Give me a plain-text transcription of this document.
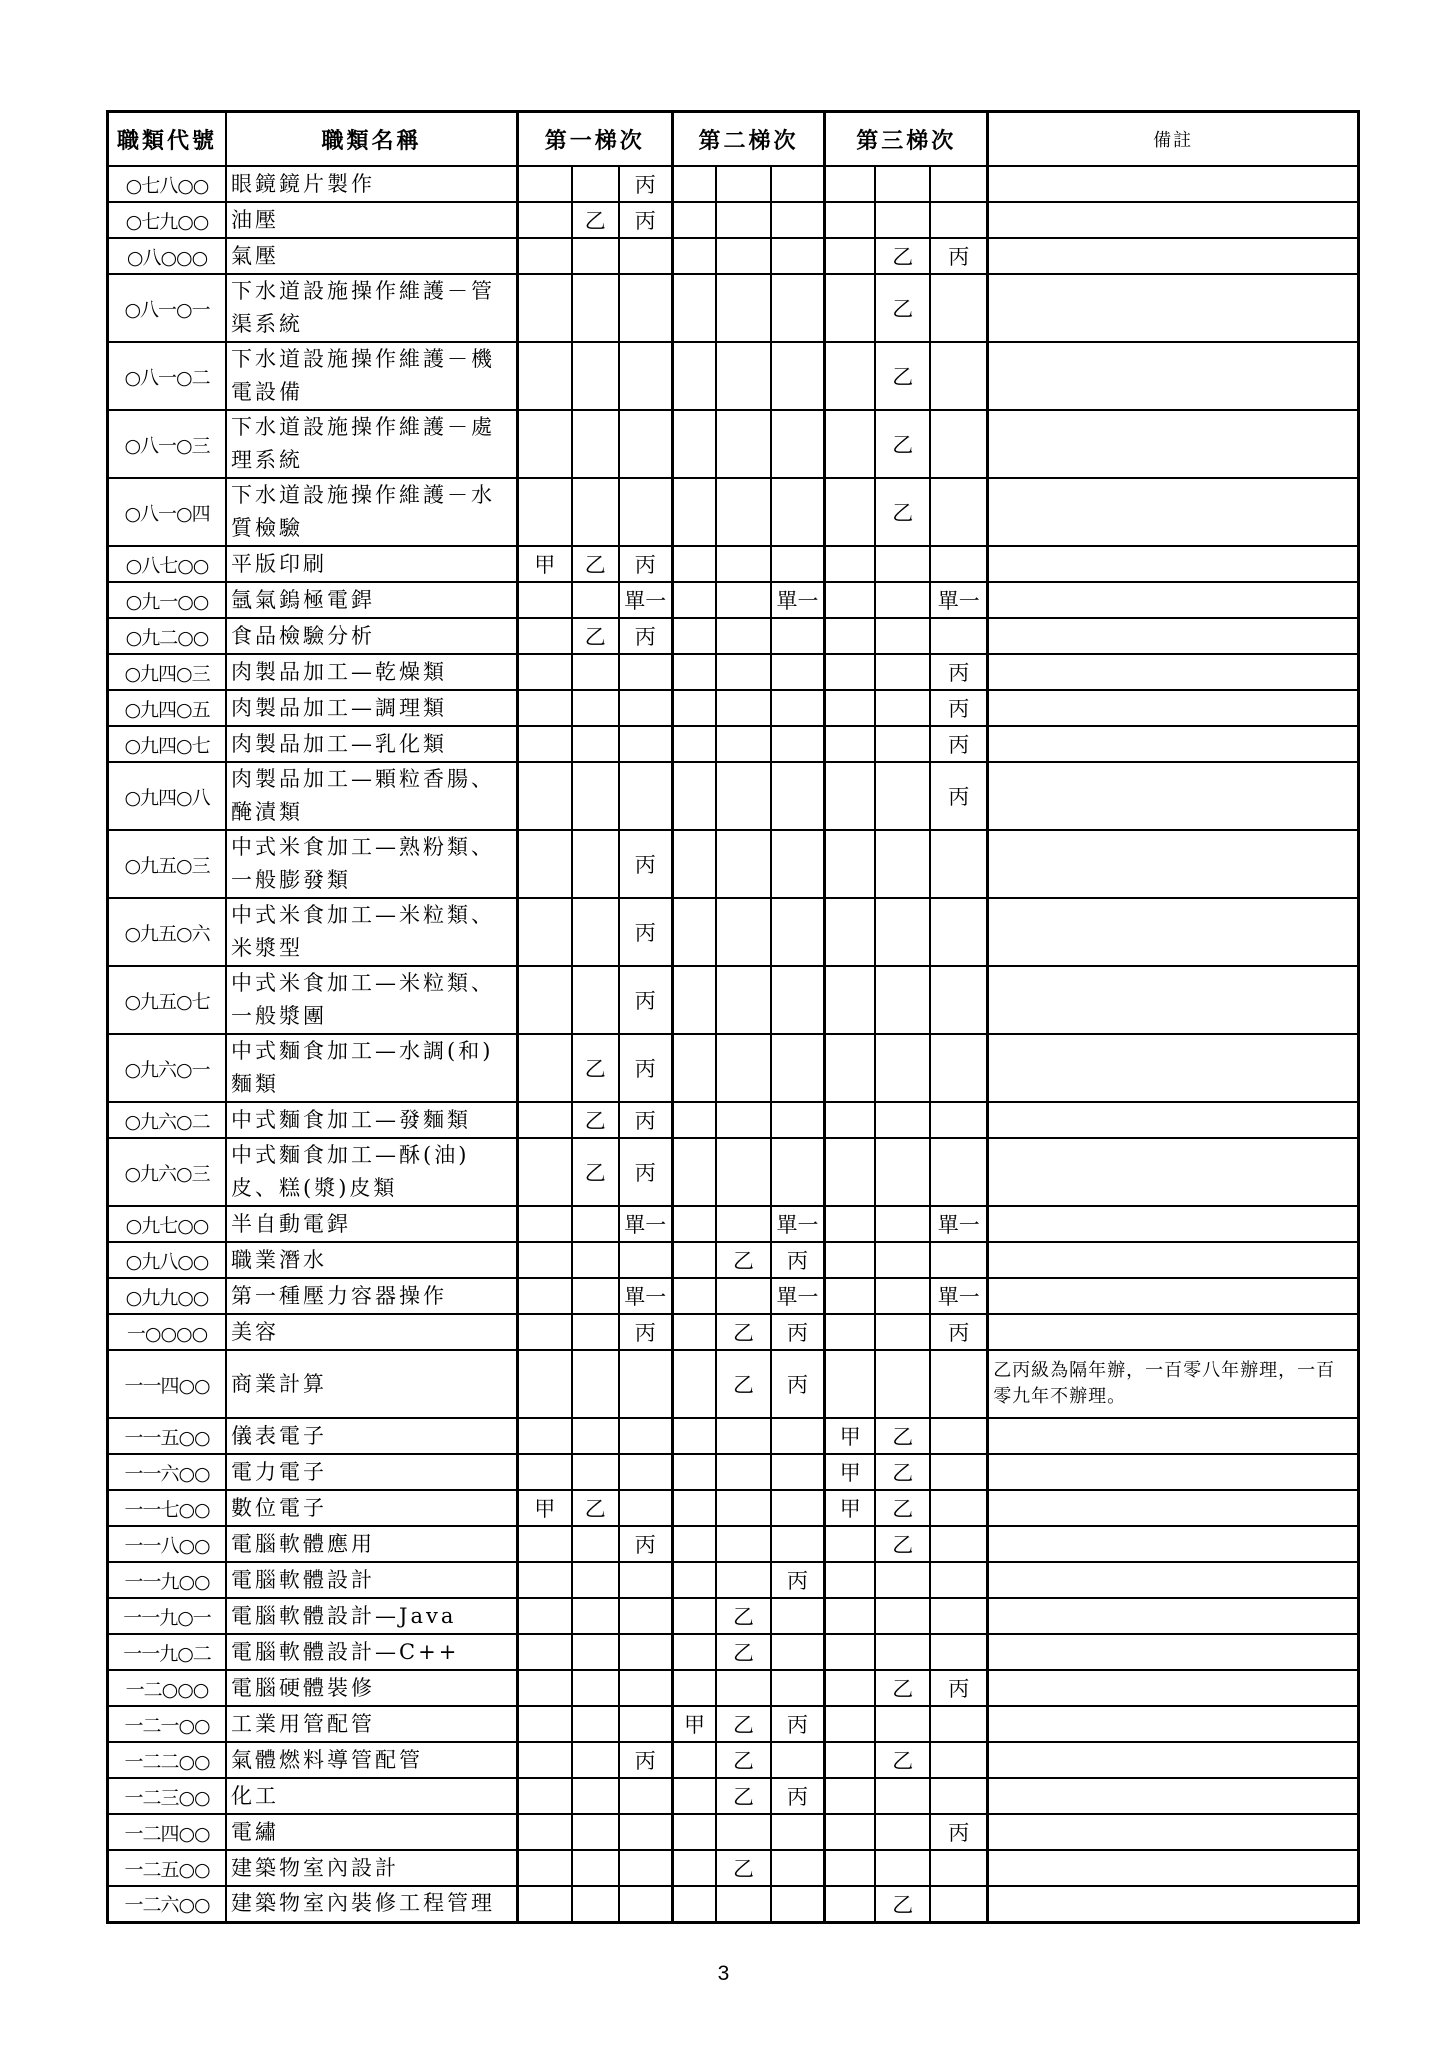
職類代號	職類名稱	第一梯次			第二梯次			第三梯次			備註
○七八○○	眼鏡鏡片製作			丙							
○七九○○	油壓		乙	丙							
○八○○○	氣壓								乙	丙	
○八一○一	下水道設施操作維護－管渠系統								乙		
○八一○二	下水道設施操作維護－機電設備								乙		
○八一○三	下水道設施操作維護－處理系統								乙		
○八一○四	下水道設施操作維護－水質檢驗								乙		
○八七○○	平版印刷	甲	乙	丙							
○九一○○	氬氣鎢極電銲			單一			單一			單一	
○九二○○	食品檢驗分析		乙	丙							
○九四○三	肉製品加工—乾燥類									丙	
○九四○五	肉製品加工—調理類									丙	
○九四○七	肉製品加工—乳化類									丙	
○九四○八	肉製品加工—顆粒香腸、醃漬類									丙	
○九五○三	中式米食加工—熟粉類、一般膨發類			丙							
○九五○六	中式米食加工—米粒類、米漿型			丙							
○九五○七	中式米食加工—米粒類、一般漿團			丙							
○九六○一	中式麵食加工—水調(和)麵類		乙	丙							
○九六○二	中式麵食加工—發麵類		乙	丙							
○九六○三	中式麵食加工—酥(油)皮、糕(漿)皮類		乙	丙							
○九七○○	半自動電銲			單一			單一			單一	
○九八○○	職業潛水					乙	丙				
○九九○○	第一種壓力容器操作			單一			單一			單一	
一○○○○	美容			丙		乙	丙			丙	
一一四○○	商業計算					乙	丙				乙丙級為隔年辦，一百零八年辦理，一百零九年不辦理。
一一五○○	儀表電子							甲	乙		
一一六○○	電力電子							甲	乙		
一一七○○	數位電子	甲	乙					甲	乙		
一一八○○	電腦軟體應用			丙					乙		
一一九○○	電腦軟體設計						丙				
一一九○一	電腦軟體設計—Java					乙					
一一九○二	電腦軟體設計—C++					乙					
一二○○○	電腦硬體裝修								乙	丙	
一二一○○	工業用管配管				甲	乙	丙				
一二二○○	氣體燃料導管配管			丙		乙			乙		
一二三○○	化工					乙	丙				
一二四○○	電繡									丙	
一二五○○	建築物室內設計					乙					
一二六○○	建築物室內裝修工程管理								乙		
3
